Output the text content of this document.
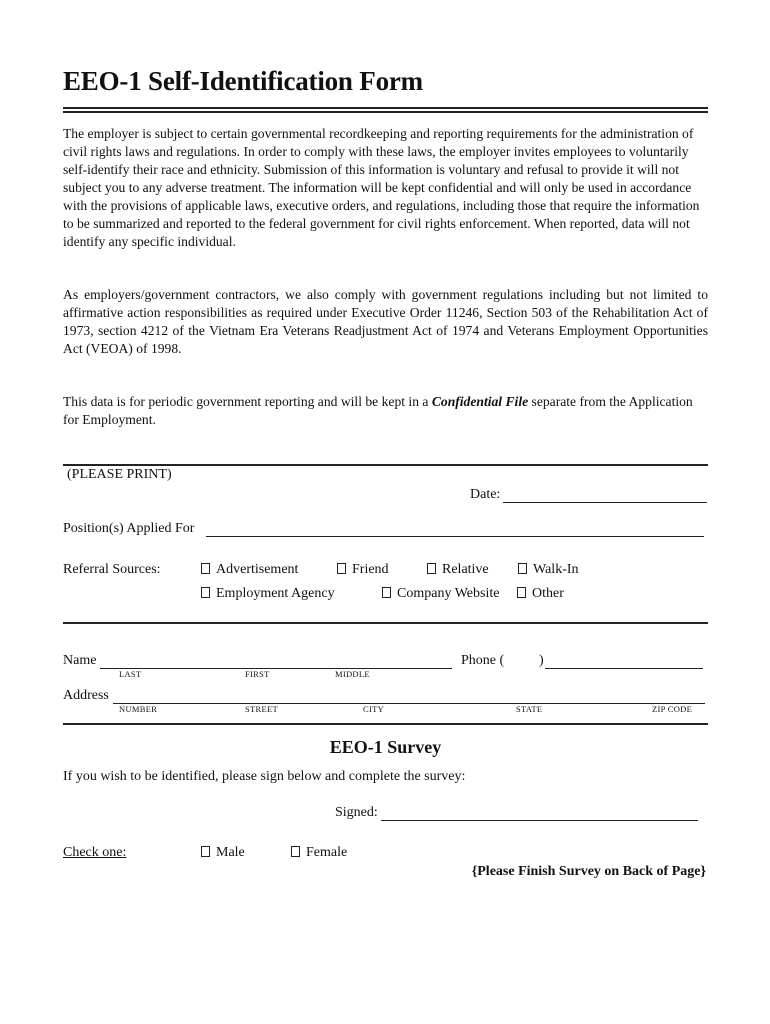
EEO-1 Self-Identification Form

The employer is subject to certain governmental recordkeeping and reporting requirements for the administration of civil rights laws and regulations. In order to comply with these laws, the employer invites employees to voluntarily self-identify their race and ethnicity. Submission of this information is voluntary and refusal to provide it will not subject you to any adverse treatment. The information will be kept confidential and will only be used in accordance with the provisions of applicable laws, executive orders, and regulations, including those that require the information to be summarized and reported to the federal government for civil rights enforcement. When reported, data will not identify any specific individual.

As employers/government contractors, we also comply with government regulations including but not limited to affirmative action responsibilities as required under Executive Order 11246, Section 503 of the Rehabilitation Act of 1973, section 4212 of the Vietnam Era Veterans Readjustment Act of 1974 and Veterans Employment Opportunities Act (VEOA) of 1998.

This data is for periodic government reporting and will be kept in a Confidential File separate from the Application for Employment.

(PLEASE PRINT)
Date:
Position(s) Applied For
Referral Sources:	Advertisement	Friend	Relative	Walk-In
Employment Agency	Company Website	Other
Name
LAST	FIRST	MIDDLE
Phone ( )
Address
NUMBER	STREET	CITY	STATE	ZIP CODE
EEO-1 Survey
If you wish to be identified, please sign below and complete the survey:
Signed:
Check one:	Male	Female
{Please Finish Survey on Back of Page}
